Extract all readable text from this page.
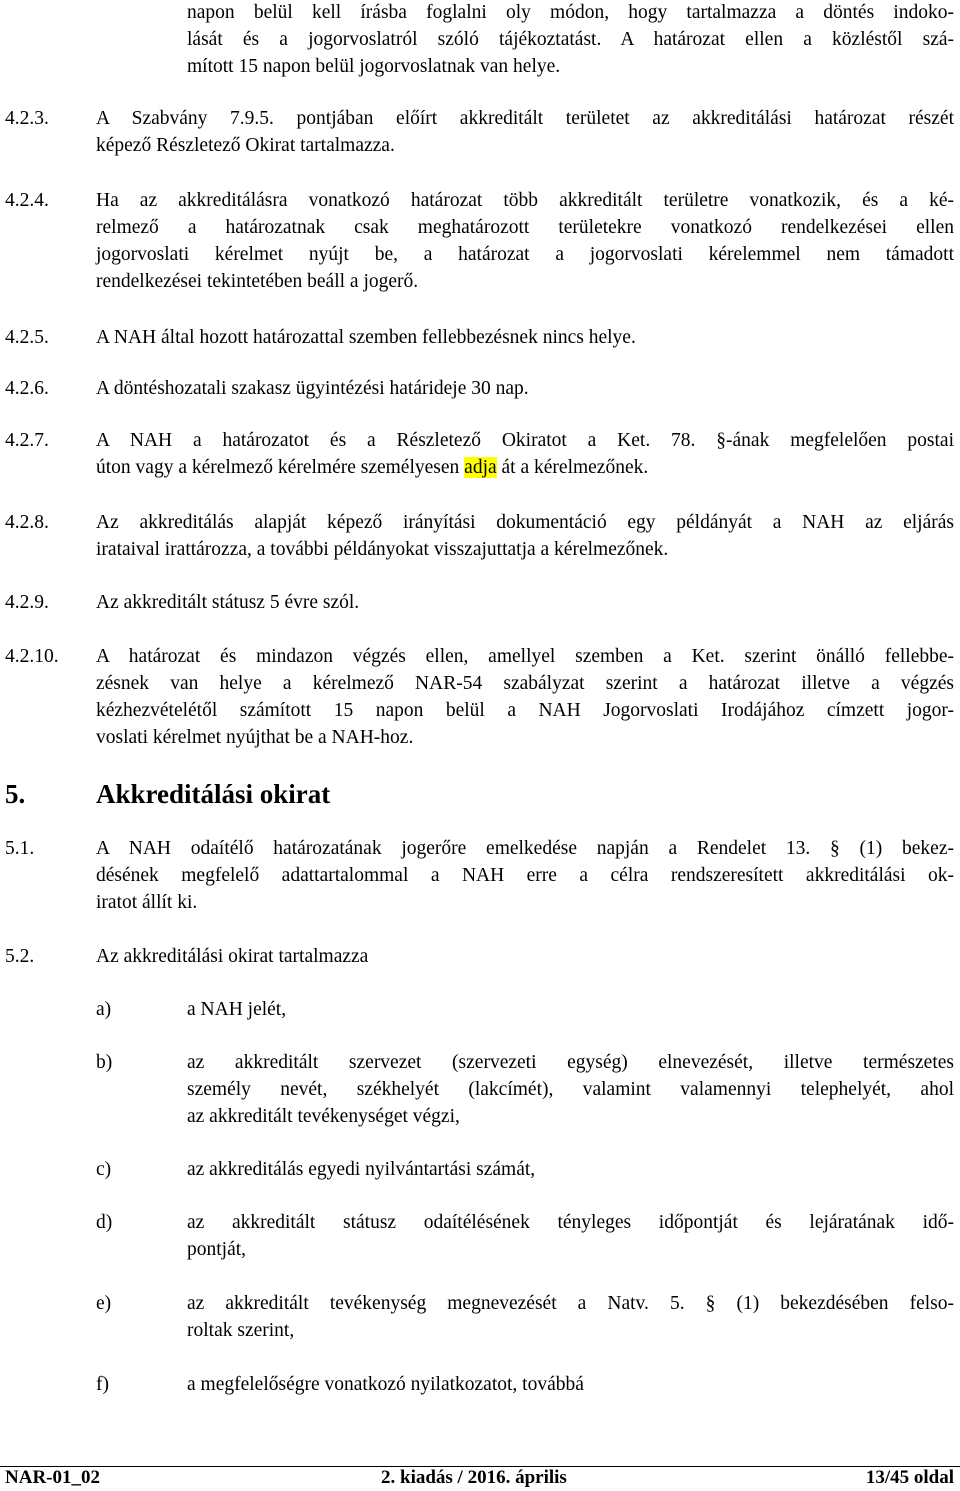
napon belül kell írásba foglalni oly módon, hogy tartalmazza a döntés indoko-
lását és a jogorvoslatról szóló tájékoztatást. A határozat ellen a közléstől szá-
mított 15 napon belül jogorvoslatnak van helye.
4.2.3. A Szabvány 7.9.5. pontjában előírt akkreditált területet az akkreditálási határozat részét
képező Részletező Okirat tartalmazza.
4.2.4. Ha az akkreditálásra vonatkozó határozat több akkreditált területre vonatkozik, és a ké-
relmező a határozatnak csak meghatározott területekre vonatkozó rendelkezései ellen
jogorvoslati kérelmet nyújt be, a határozat a jogorvoslati kérelemmel nem támadott
rendelkezései tekintetében beáll a jogerő.
4.2.5. A NAH által hozott határozattal szemben fellebbezésnek nincs helye.
4.2.6. A döntéshozatali szakasz ügyintézési határideje 30 nap.
4.2.7. A NAH a határozatot és a Részletező Okiratot a Ket. 78. §-ának megfelelően postai
úton vagy a kérelmező kérelmére személyesen adja át a kérelmezőnek.
4.2.8. Az akkreditálás alapját képező irányítási dokumentáció egy példányát a NAH az eljárás
irataival irattározza, a további példányokat visszajuttatja a kérelmezőnek.
4.2.9. Az akkreditált státusz 5 évre szól.
4.2.10. A határozat és mindazon végzés ellen, amellyel szemben a Ket. szerint önálló fellebbe-
zésnek van helye a kérelmező NAR-54 szabályzat szerint a határozat illetve a végzés
kézhezvételétől számított 15 napon belül a NAH Jogorvoslati Irodájához címzett jogor-
voslati kérelmet nyújthat be a NAH-hoz.
5.	Akkreditálási okirat
5.1.	A NAH odaítélő határozatának jogerőre emelkedése napján a Rendelet 13. § (1) bekez-
désének megfelelő adattartalommal a NAH erre a célra rendszeresített akkreditálási ok-
iratot állít ki.
5.2.	Az akkreditálási okirat tartalmazza
a)	a NAH jelét,
b)	az akkreditált szervezet (szervezeti egység) elnevezését, illetve természetes
személy nevét, székhelyét (lakcímét), valamint valamennyi telephelyét, ahol
az akkreditált tevékenységet végzi,
c)	az akkreditálás egyedi nyilvántartási számát,
d)	az akkreditált státusz odaítélésének tényleges időpontját és lejáratának idő-
pontját,
e)	az akkreditált tevékenység megnevezését a Natv. 5. § (1) bekezdésében felso-
roltak szerint,
f)	a megfelelőségre vonatkozó nyilatkozatot, továbbá
NAR-01_02	2. kiadás / 2016. április	13/45 oldal
